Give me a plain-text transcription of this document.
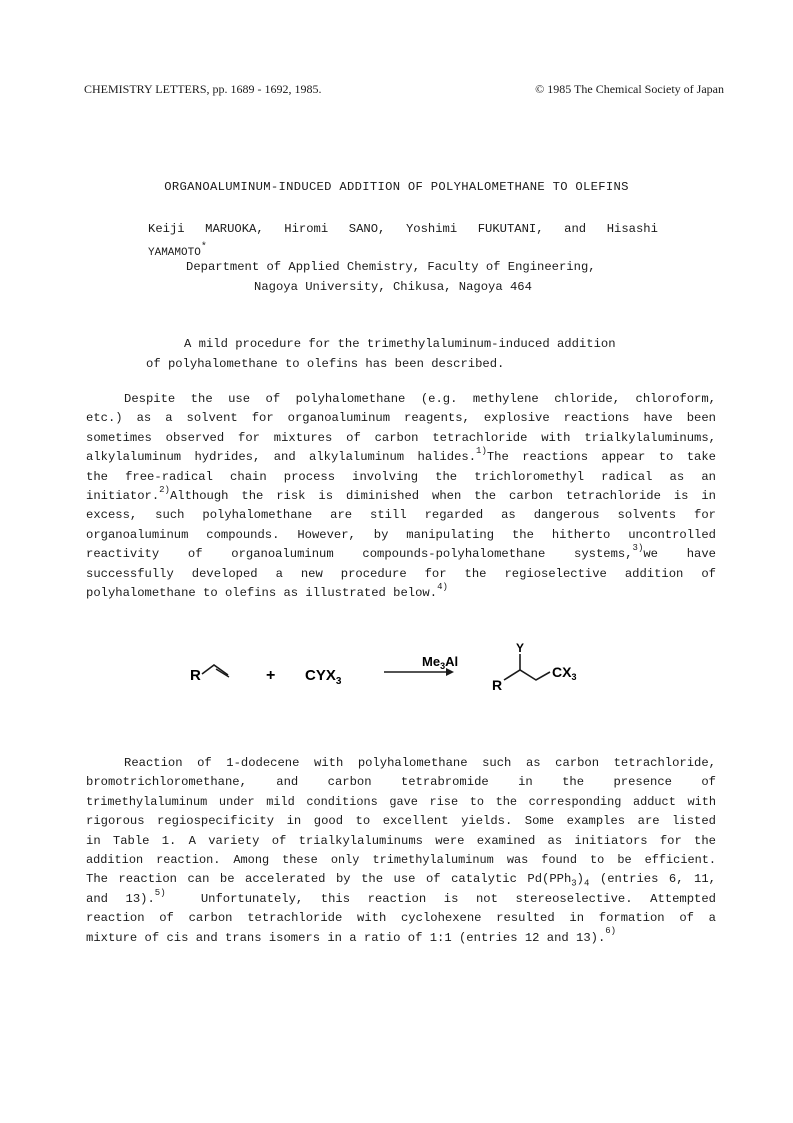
CHEMISTRY LETTERS, pp. 1689 - 1692, 1985.	© 1985 The Chemical Society of Japan
ORGANOALUMINUM-INDUCED ADDITION OF POLYHALOMETHANE TO OLEFINS
Keiji MARUOKA, Hiromi SANO, Yoshimi FUKUTANI, and Hisashi
YAMAMOTO*
Department of Applied Chemistry, Faculty of Engineering,
Nagoya University, Chikusa, Nagoya 464
A mild procedure for the trimethylaluminum-induced addition
of polyhalomethane to olefins has been described.
Despite the use of polyhalomethane (e.g. methylene chloride, chloroform,
etc.) as a solvent for organoaluminum reagents, explosive reactions have been
sometimes observed for mixtures of carbon tetrachloride with trialkylaluminums,
alkylaluminum hydrides, and alkylaluminum halides.$^{1)}$The reactions appear to take
the free-radical chain process involving the trichloromethyl radical as an
initiator.$^{2)}$Although the risk is diminished when the carbon tetrachloride is in
excess, such polyhalomethane are still regarded as dangerous solvents for
organoaluminum compounds. However, by manipulating the hitherto uncontrolled
reactivity of organoaluminum compounds-polyhalomethane systems,$^{3)}$we have
successfully developed a new procedure for the regioselective addition of
polyhalomethane to olefins as illustrated below.$^{4)}$
R	+ $CYX_3$
$Me_3Al$
Y
R
$CX_3$
Reaction of 1-dodecene with polyhalomethane such as carbon tetrachloride,
bromotrichloromethane, and carbon tetrabromide in the presence of
trimethylaluminum under mild conditions gave rise to the corresponding adduct with
rigorous regiospecificity in good to excellent yields. Some examples are listed
in Table 1. A variety of trialkylaluminums were examined as initiators for the
addition reaction. Among these only trimethylaluminum was found to be efficient.
The reaction can be accelerated by the use of catalytic $Pd(PPh_3)_4$ (entries 6, 11,
and 13).$^{5)}$	Unfortunately, this reaction is not stereoselective. Attempted
reaction of carbon tetrachloride with cyclohexene resulted in formation of a
mixture of cis and trans isomers in a ratio of 1:1 (entries 12 and 13).$^{6)}$
